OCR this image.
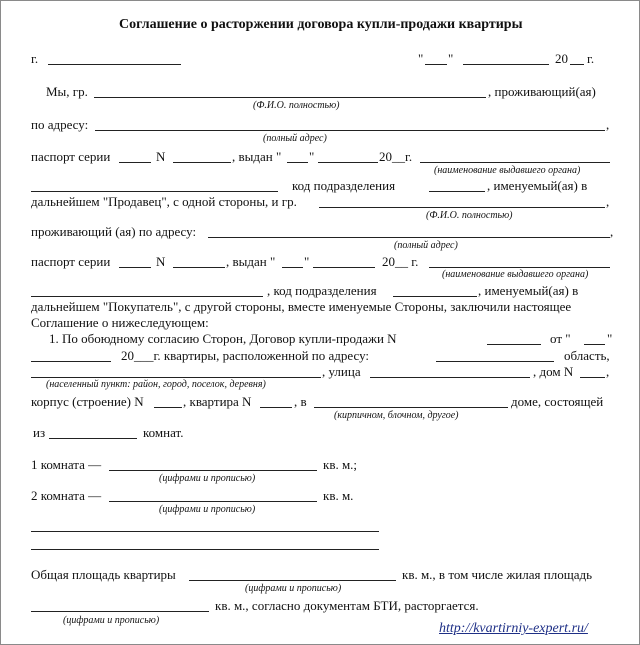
Соглашение о расторжении договора купли-продажи квартиры
г.	" "	20 г.
Мы, гр.	, проживающий(ая)
(Ф.И.О. полностью)
по адресу:	,
(полный адрес)
паспорт серии	N	, выдан " "	20__г.
(наименование выдавшего органа)
код подразделения	, именуемый(ая) в
дальнейшем "Продавец", с одной стороны, и гр.	,
(Ф.И.О. полностью)
проживающий (ая) по адресу:	,
(полный адрес)
паспорт серии	N	, выдан " "	20__ г.
(наименование выдавшего органа)
, код подразделения	, именуемый(ая) в
дальнейшем "Покупатель", с другой стороны, вместе именуемые Стороны, заключили настоящее
Соглашение о нижеследующем:
1. По обоюдному согласию Сторон, Договор купли-продажи N	от "	"
20___г. квартиры, расположенной по адресу:	область,
, улица	, дом N	,
(населенный пункт: район, город, поселок, деревня)
корпус (строение) N	, квартира N	, в	доме, состоящей
(кирпичном, блочном, другое)
из	комнат.
1 комната —	кв. м.;
(цифрами и прописью)
2 комната —	кв. м.
(цифрами и прописью)
Общая площадь квартиры	кв. м., в том числе жилая площадь
(цифрами и прописью)
кв. м., согласно документам БТИ, расторгается.
(цифрами и прописью)
http://kvartirniy-expert.ru/
